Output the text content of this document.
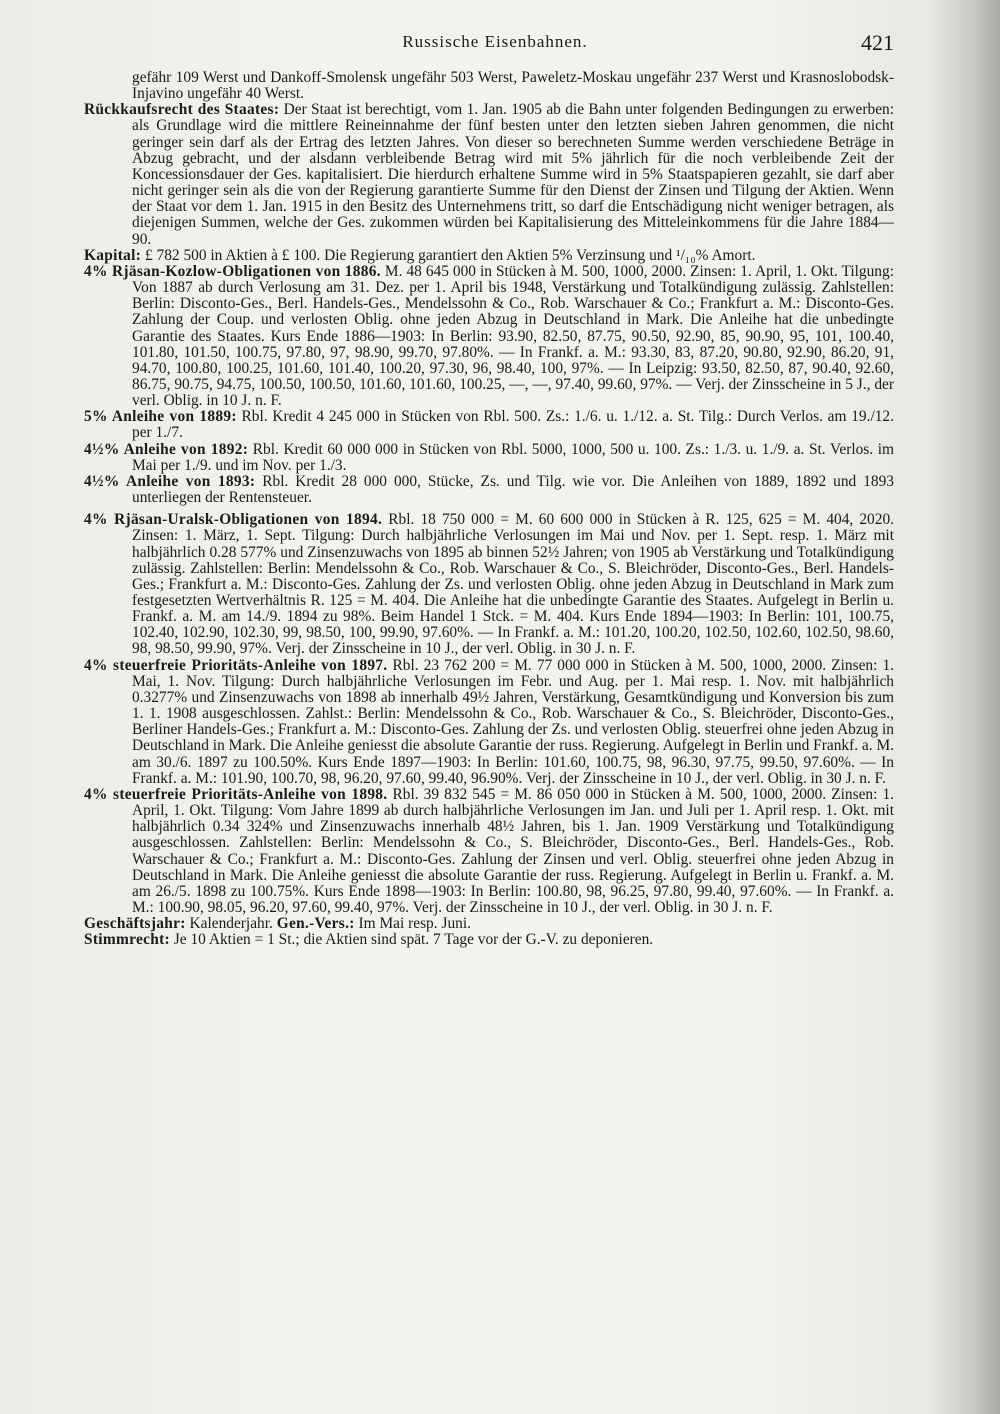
Russische Eisenbahnen.	421

gefähr 109 Werst und Dankoff-Smolensk ungefähr 503 Werst, Paweletz-Moskau ungefähr 237 Werst und Krasnoslobodsk-Injavino ungefähr 40 Werst.

Rückkaufsrecht des Staates: Der Staat ist berechtigt, vom 1. Jan. 1905 ab die Bahn unter folgenden Bedingungen zu erwerben: als Grundlage wird die mittlere Reineinnahme der fünf besten unter den letzten sieben Jahren genommen, die nicht geringer sein darf als der Ertrag des letzten Jahres. Von dieser so berechneten Summe werden verschiedene Beträge in Abzug gebracht, und der alsdann verbleibende Betrag wird mit 5% jährlich für die noch verbleibende Zeit der Koncessionsdauer der Ges. kapitalisiert. Die hierdurch erhaltene Summe wird in 5% Staatspapieren gezahlt, sie darf aber nicht geringer sein als die von der Regierung garantierte Summe für den Dienst der Zinsen und Tilgung der Aktien. Wenn der Staat vor dem 1. Jan. 1915 in den Besitz des Unternehmens tritt, so darf die Entschädigung nicht weniger betragen, als diejenigen Summen, welche der Ges. zukommen würden bei Kapitalisierung des Mitteleinkommens für die Jahre 1884—90.

Kapital: £ 782 500 in Aktien à £ 100. Die Regierung garantiert den Aktien 5% Verzinsung und ¹/₁₀% Amort.

4% Rjäsan-Kozlow-Obligationen von 1886. M. 48 645 000 in Stücken à M. 500, 1000, 2000. Zinsen: 1. April, 1. Okt. Tilgung: Von 1887 ab durch Verlosung am 31. Dez. per 1. April bis 1948, Verstärkung und Totalkündigung zulässig. Zahlstellen: Berlin: Disconto-Ges., Berl. Handels-Ges., Mendelssohn & Co., Rob. Warschauer & Co.; Frankfurt a. M.: Disconto-Ges. Zahlung der Coup. und verlosten Oblig. ohne jeden Abzug in Deutschland in Mark. Die Anleihe hat die unbedingte Garantie des Staates. Kurs Ende 1886—1903: In Berlin: 93.90, 82.50, 87.75, 90.50, 92.90, 85, 90.90, 95, 101, 100.40, 101.80, 101.50, 100.75, 97.80, 97, 98.90, 99.70, 97.80%. — In Frankf. a. M.: 93.30, 83, 87.20, 90.80, 92.90, 86.20, 91, 94.70, 100.80, 100.25, 101.60, 101.40, 100.20, 97.30, 96, 98.40, 100, 97%. — In Leipzig: 93.50, 82.50, 87, 90.40, 92.60, 86.75, 90.75, 94.75, 100.50, 100.50, 101.60, 101.60, 100.25, —, —, 97.40, 99.60, 97%. — Verj. der Zinsscheine in 5 J., der verl. Oblig. in 10 J. n. F.

5% Anleihe von 1889: Rbl. Kredit 4 245 000 in Stücken von Rbl. 500. Zs.: 1./6. u. 1./12. a. St. Tilg.: Durch Verlos. am 19./12. per 1./7.

4½% Anleihe von 1892: Rbl. Kredit 60 000 000 in Stücken von Rbl. 5000, 1000, 500 u. 100. Zs.: 1./3. u. 1./9. a. St. Verlos. im Mai per 1./9. und im Nov. per 1./3.

4½% Anleihe von 1893: Rbl. Kredit 28 000 000, Stücke, Zs. und Tilg. wie vor. Die Anleihen von 1889, 1892 und 1893 unterliegen der Rentensteuer.

4% Rjäsan-Uralsk-Obligationen von 1894. Rbl. 18 750 000 = M. 60 600 000 in Stücken à R. 125, 625 = M. 404, 2020. Zinsen: 1. März, 1. Sept. Tilgung: Durch halbjährliche Verlosungen im Mai und Nov. per 1. Sept. resp. 1. März mit halbjährlich 0.28 577% und Zinsenzuwachs von 1895 ab binnen 52½ Jahren; von 1905 ab Verstärkung und Totalkündigung zulässig. Zahlstellen: Berlin: Mendelssohn & Co., Rob. Warschauer & Co., S. Bleichröder, Disconto-Ges., Berl. Handels-Ges.; Frankfurt a. M.: Disconto-Ges. Zahlung der Zs. und verlosten Oblig. ohne jeden Abzug in Deutschland in Mark zum festgesetzten Wertverhältnis R. 125 = M. 404. Die Anleihe hat die unbedingte Garantie des Staates. Aufgelegt in Berlin u. Frankf. a. M. am 14./9. 1894 zu 98%. Beim Handel 1 Stck. = M. 404. Kurs Ende 1894—1903: In Berlin: 101, 100.75, 102.40, 102.90, 102.30, 99, 98.50, 100, 99.90, 97.60%. — In Frankf. a. M.: 101.20, 100.20, 102.50, 102.60, 102.50, 98.60, 98, 98.50, 99.90, 97%. Verj. der Zinsscheine in 10 J., der verl. Oblig. in 30 J. n. F.

4% steuerfreie Prioritäts-Anleihe von 1897. Rbl. 23 762 200 = M. 77 000 000 in Stücken à M. 500, 1000, 2000. Zinsen: 1. Mai, 1. Nov. Tilgung: Durch halbjährliche Verlosungen im Febr. und Aug. per 1. Mai resp. 1. Nov. mit halbjährlich 0.3277% und Zinsenzuwachs von 1898 ab innerhalb 49½ Jahren, Verstärkung, Gesamtkündigung und Konversion bis zum 1. 1. 1908 ausgeschlossen. Zahlst.: Berlin: Mendelssohn & Co., Rob. Warschauer & Co., S. Bleichröder, Disconto-Ges., Berliner Handels-Ges.; Frankfurt a. M.: Disconto-Ges. Zahlung der Zs. und verlosten Oblig. steuerfrei ohne jeden Abzug in Deutschland in Mark. Die Anleihe geniesst die absolute Garantie der russ. Regierung. Aufgelegt in Berlin und Frankf. a. M. am 30./6. 1897 zu 100.50%. Kurs Ende 1897—1903: In Berlin: 101.60, 100.75, 98, 96.30, 97.75, 99.50, 97.60%. — In Frankf. a. M.: 101.90, 100.70, 98, 96.20, 97.60, 99.40, 96.90%. Verj. der Zinsscheine in 10 J., der verl. Oblig. in 30 J. n. F.

4% steuerfreie Prioritäts-Anleihe von 1898. Rbl. 39 832 545 = M. 86 050 000 in Stücken à M. 500, 1000, 2000. Zinsen: 1. April, 1. Okt. Tilgung: Vom Jahre 1899 ab durch halbjährliche Verlosungen im Jan. und Juli per 1. April resp. 1. Okt. mit halbjährlich 0.34 324% und Zinsenzuwachs innerhalb 48½ Jahren, bis 1. Jan. 1909 Verstärkung und Totalkündigung ausgeschlossen. Zahlstellen: Berlin: Mendelssohn & Co., S. Bleichröder, Disconto-Ges., Berl. Handels-Ges., Rob. Warschauer & Co.; Frankfurt a. M.: Disconto-Ges. Zahlung der Zinsen und verl. Oblig. steuerfrei ohne jeden Abzug in Deutschland in Mark. Die Anleihe geniesst die absolute Garantie der russ. Regierung. Aufgelegt in Berlin u. Frankf. a. M. am 26./5. 1898 zu 100.75%. Kurs Ende 1898—1903: In Berlin: 100.80, 98, 96.25, 97.80, 99.40, 97.60%. — In Frankf. a. M.: 100.90, 98.05, 96.20, 97.60, 99.40, 97%. Verj. der Zinsscheine in 10 J., der verl. Oblig. in 30 J. n. F.

Geschäftsjahr: Kalenderjahr. Gen.-Vers.: Im Mai resp. Juni.

Stimmrecht: Je 10 Aktien = 1 St.; die Aktien sind spät. 7 Tage vor der G.-V. zu deponieren.
